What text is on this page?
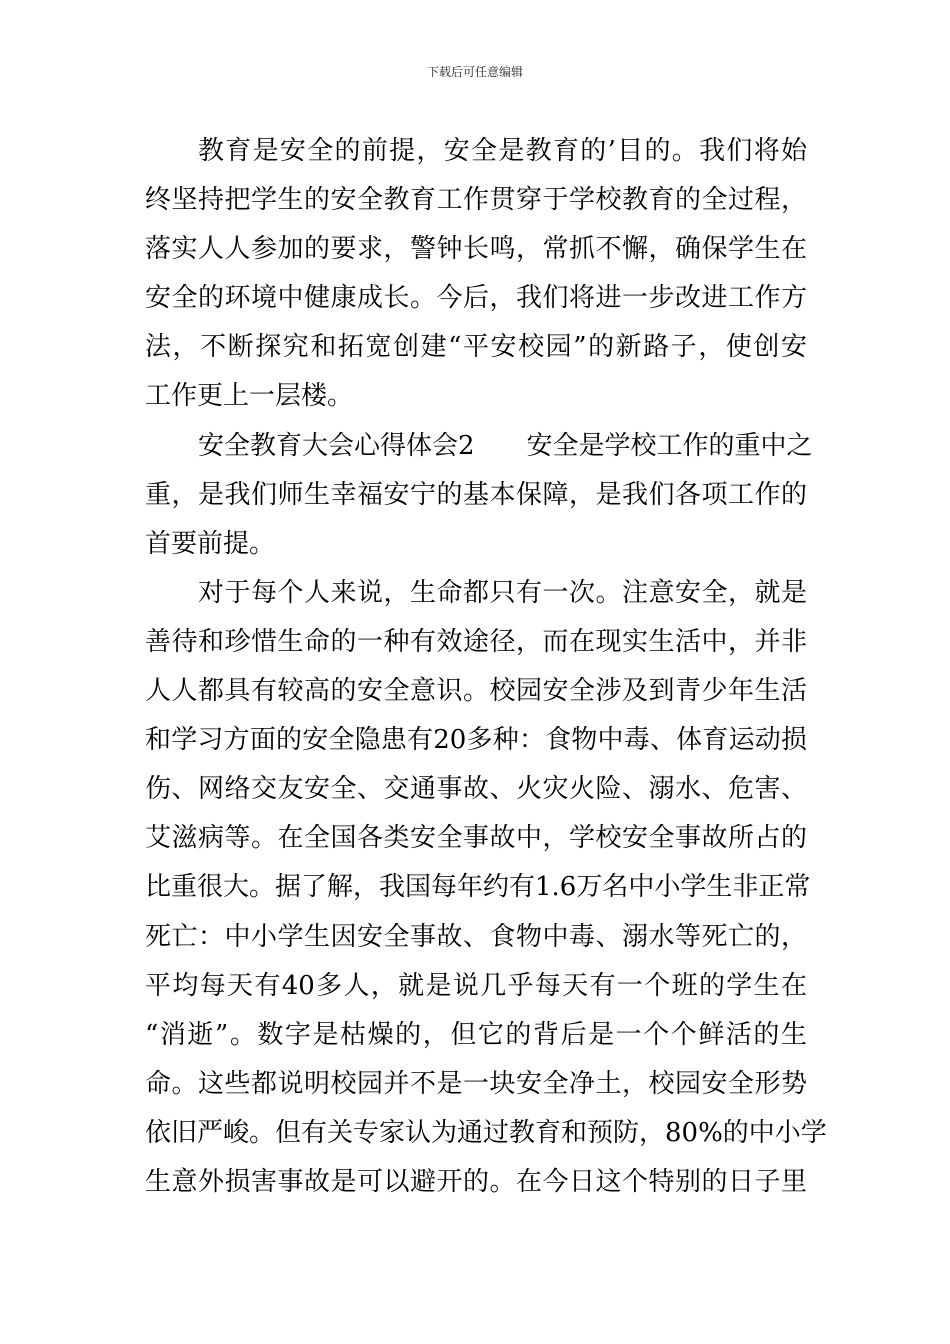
下载后可任意编辑
教育是安全的前提，安全是教育的’目的。我们将始
终坚持把学生的安全教育工作贯穿于学校教育的全过程，
落实人人参加的要求，警钟长鸣，常抓不懈，确保学生在
安全的环境中健康成长。今后，我们将进一步改进工作方
法，不断探究和拓宽创建“平安校园”的新路子，使创安
工作更上一层楼。
安全教育大会心得体会2　　安全是学校工作的重中之
重，是我们师生幸福安宁的基本保障，是我们各项工作的
首要前提。
对于每个人来说，生命都只有一次。注意安全，就是
善待和珍惜生命的一种有效途径，而在现实生活中，并非
人人都具有较高的安全意识。校园安全涉及到青少年生活
和学习方面的安全隐患有20多种：食物中毒、体育运动损
伤、网络交友安全、交通事故、火灾火险、溺水、危害、
艾滋病等。在全国各类安全事故中，学校安全事故所占的
比重很大。据了解，我国每年约有1.6万名中小学生非正常
死亡：中小学生因安全事故、食物中毒、溺水等死亡的，
平均每天有40多人，就是说几乎每天有一个班的学生在
“消逝”。数字是枯燥的，但它的背后是一个个鲜活的生
命。这些都说明校园并不是一块安全净土，校园安全形势
依旧严峻。但有关专家认为通过教育和预防，80%的中小学
生意外损害事故是可以避开的。在今日这个特别的日子里
